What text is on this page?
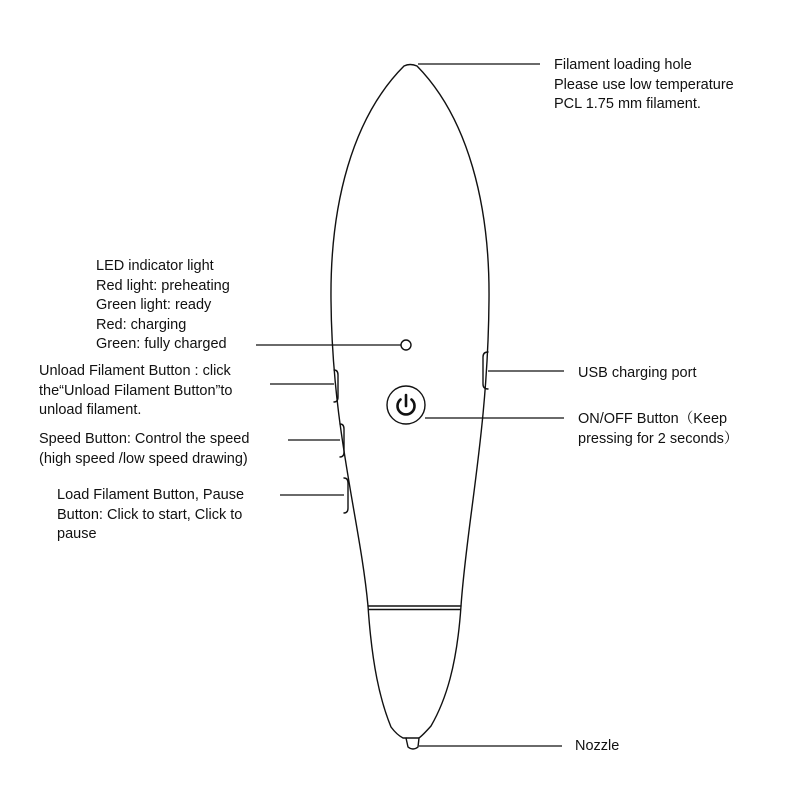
Filament loading hole
Please use low temperature
PCL 1.75 mm filament.
LED indicator light
Red light: preheating
Green light: ready
Red: charging
Green: fully charged
Unload Filament Button : click
the“Unload Filament Button”to
unload filament.
Speed Button: Control the speed
(high speed /low speed drawing)
Load Filament Button, Pause
Button: Click to start, Click to
pause
USB charging port
ON/OFF Button（Keep
pressing for 2 seconds）
Nozzle
